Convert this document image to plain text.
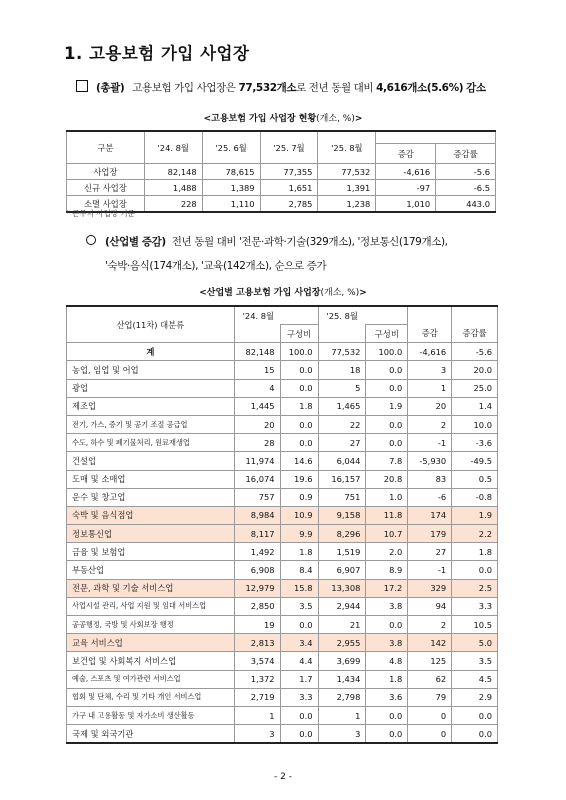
1. 고용보험 가입 사업장
(총괄) 고용보험 가입 사업장은 77,532개소로 전년 동월 대비 4,616개소(5.6%) 감소
<고용보험 가입 사업장 현황(개소, %)>
구분	'24. 8월	'25. 6월	'25. 7월	'25. 8월		
					증감	증감률
사업장	82,148	78,615	77,355	77,532	-4,616	-5.6
신규 사업장	1,488	1,389	1,651	1,391	-97	-6.5
소멸 사업장	228	1,110	2,785	1,238	1,010	443.0
* 근무지 사업장 기준
(산업별 증감) 전년 동월 대비 '전문·과학·기술(329개소), '정보통신(179개소),
'숙박·음식(174개소), '교육(142개소), 순으로 증가
<산업별 고용보험 가입 사업장(개소, %)>
산업(11차) 대분류	'24. 8월		'25. 8월		증감	증감률
		구성비		구성비		
계	82,148	100.0	77,532	100.0	-4,616	-5.6
농업, 임업 및 어업	15	0.0	18	0.0	3	20.0
광업	4	0.0	5	0.0	1	25.0
제조업	1,445	1.8	1,465	1.9	20	1.4
전기, 가스, 증기 및 공기 조절 공급업	20	0.0	22	0.0	2	10.0
수도, 하수 및 폐기물처리, 원료재생업	28	0.0	27	0.0	-1	-3.6
건설업	11,974	14.6	6,044	7.8	-5,930	-49.5
도매 및 소매업	16,074	19.6	16,157	20.8	83	0.5
운수 및 창고업	757	0.9	751	1.0	-6	-0.8
숙박 및 음식점업	8,984	10.9	9,158	11.8	174	1.9
정보통신업	8,117	9.9	8,296	10.7	179	2.2
금융 및 보험업	1,492	1.8	1,519	2.0	27	1.8
부동산업	6,908	8.4	6,907	8.9	-1	0.0
전문, 과학 및 기술 서비스업	12,979	15.8	13,308	17.2	329	2.5
사업시설 관리, 사업 지원 및 임대 서비스업	2,850	3.5	2,944	3.8	94	3.3
공공행정, 국방 및 사회보장 행정	19	0.0	21	0.0	2	10.5
교육 서비스업	2,813	3.4	2,955	3.8	142	5.0
보건업 및 사회복지 서비스업	3,574	4.4	3,699	4.8	125	3.5
예술, 스포츠 및 여가관련 서비스업	1,372	1.7	1,434	1.8	62	4.5
협회 및 단체, 수리 및 기타 개인 서비스업	2,719	3.3	2,798	3.6	79	2.9
가구 내 고용활동 및 자가소비 생산활동	1	0.0	1	0.0	0	0.0
국제 및 외국기관	3	0.0	3	0.0	0	0.0
- 2 -
